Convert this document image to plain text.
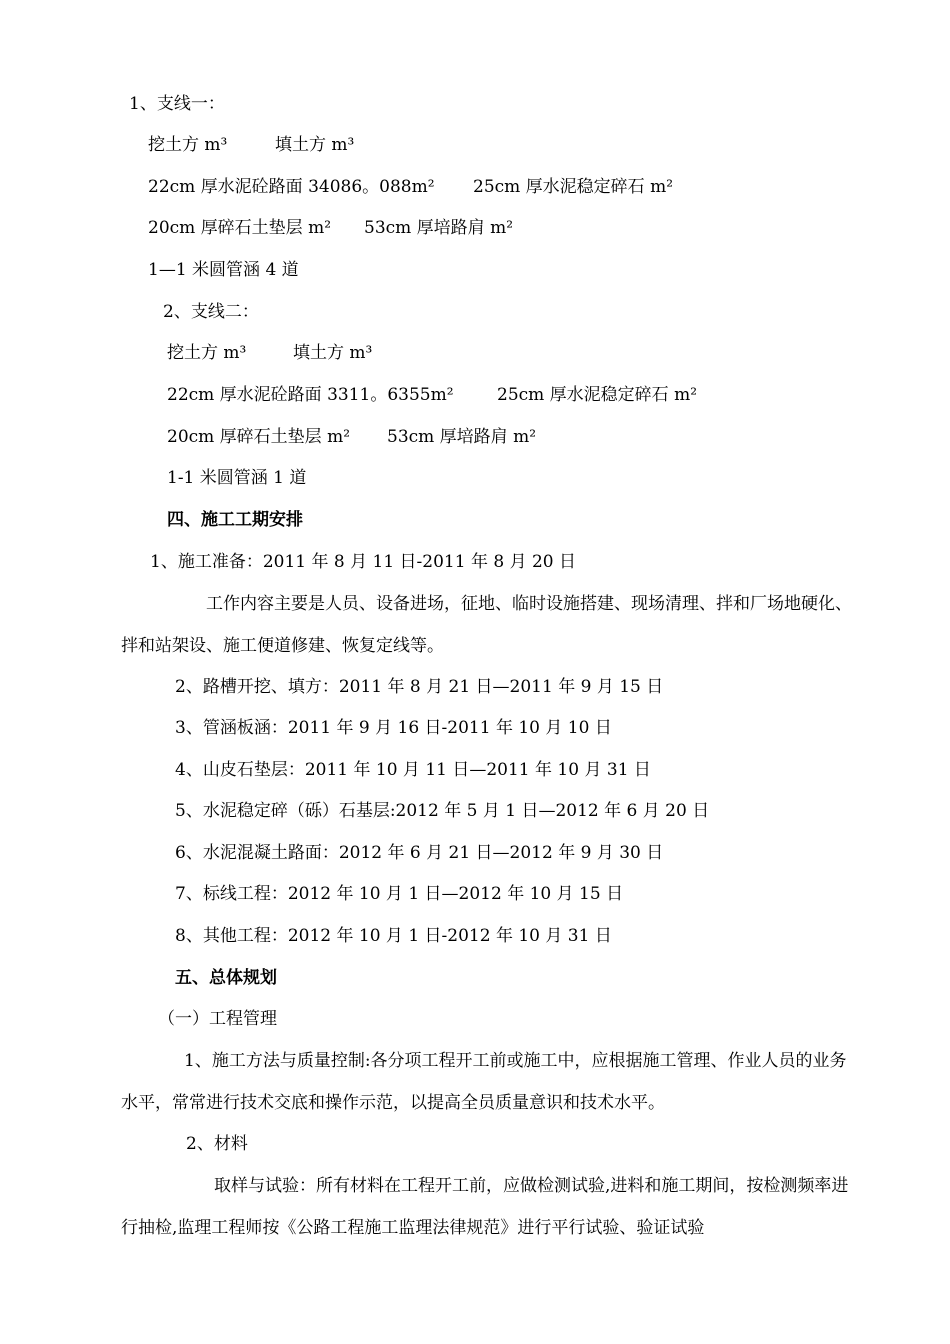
1、支线一：
挖土方 m³	填土方 m³
22cm 厚水泥砼路面 34086。088m² 25cm 厚水泥稳定碎石 m²
20cm 厚碎石土垫层 m² 53cm 厚培路肩 m²
1—1 米圆管涵 4 道
2、支线二：
挖土方 m³	填土方 m³
22cm 厚水泥砼路面 3311。6355m²	25cm 厚水泥稳定碎石 m²
20cm 厚碎石土垫层 m² 53cm 厚培路肩 m²
1-1 米圆管涵 1 道
四、施工工期安排
1、施工准备：2011 年 8 月 11 日-2011 年 8 月 20 日
工作内容主要是人员、设备进场，征地、临时设施搭建、现场清理、拌和厂场地硬化、拌和站架设、施工便道修建、恢复定线等。
2、路槽开挖、填方：2011 年 8 月 21 日—2011 年 9 月 15 日
3、管涵板涵：2011 年 9 月 16 日-2011 年 10 月 10 日
4、山皮石垫层：2011 年 10 月 11 日—2011 年 10 月 31 日
5、水泥稳定碎（砾）石基层:2012 年 5 月 1 日—2012 年 6 月 20 日
6、水泥混凝土路面：2012 年 6 月 21 日—2012 年 9 月 30 日
7、标线工程：2012 年 10 月 1 日—2012 年 10 月 15 日
8、其他工程：2012 年 10 月 1 日-2012 年 10 月 31 日
五、总体规划
（一）工程管理
1、施工方法与质量控制:各分项工程开工前或施工中，应根据施工管理、作业人员的业务水平，常常进行技术交底和操作示范，以提高全员质量意识和技术水平。
2、材料
取样与试验：所有材料在工程开工前，应做检测试验,进料和施工期间，按检测频率进行抽检,监理工程师按《公路工程施工监理法律规范》进行平行试验、验证试验
